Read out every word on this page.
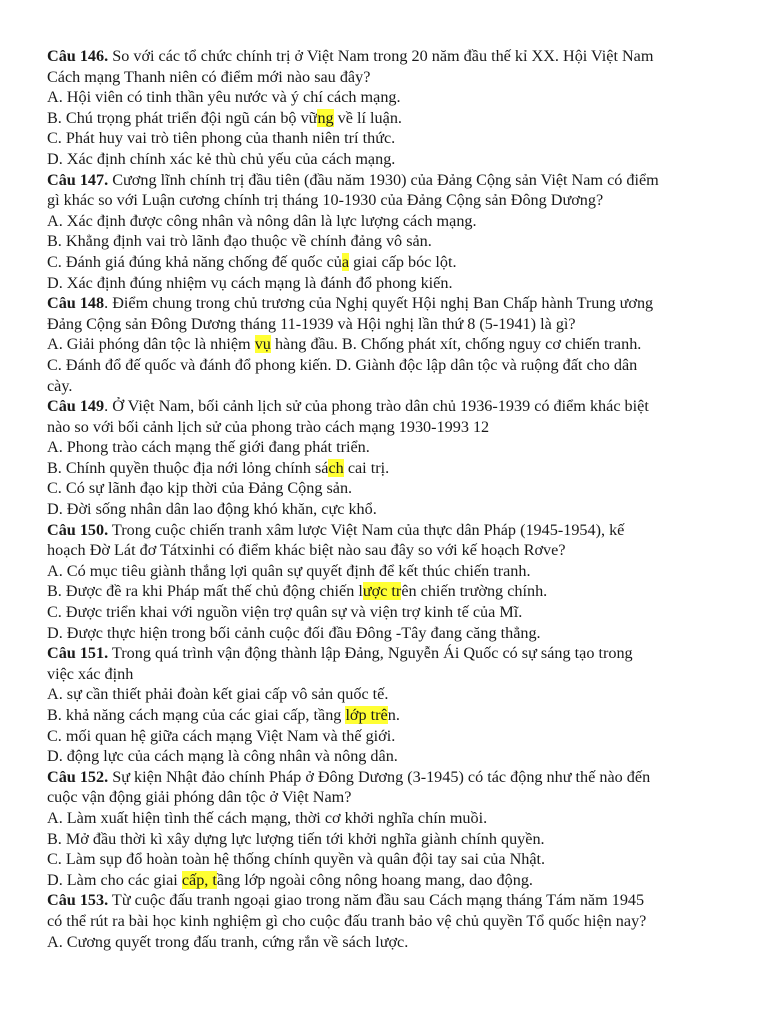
Câu 146. So với các tổ chức chính trị ở Việt Nam trong 20 năm đầu thế kỉ XX. Hội Việt Nam
Cách mạng Thanh niên có điểm mới nào sau đây?
A. Hội viên có tinh thần yêu nước và ý chí cách mạng.
B. Chú trọng phát triển đội ngũ cán bộ vững về lí luận.
C. Phát huy vai trò tiên phong của thanh niên trí thức.
D. Xác định chính xác kẻ thù chủ yếu của cách mạng.
Câu 147. Cương lĩnh chính trị đầu tiên (đầu năm 1930) của Đảng Cộng sản Việt Nam có điểm
gì khác so với Luận cương chính trị tháng 10-1930 của Đảng Cộng sản Đông Dương?
A. Xác định được công nhân và nông dân là lực lượng cách mạng.
B. Khẳng định vai trò lãnh đạo thuộc về chính đảng vô sản.
C. Đánh giá đúng khả năng chống đế quốc của giai cấp bóc lột.
D. Xác định đúng nhiệm vụ cách mạng là đánh đổ phong kiến.
Câu 148. Điểm chung trong chủ trương của Nghị quyết Hội nghị Ban Chấp hành Trung ương
Đảng Cộng sản Đông Dương tháng 11-1939 và Hội nghị lần thứ 8 (5-1941) là gì?
A. Giải phóng dân tộc là nhiệm vụ hàng đầu. B. Chống phát xít, chống nguy cơ chiến tranh.
C. Đánh đổ đế quốc và đánh đổ phong kiến. D. Giành độc lập dân tộc và ruộng đất cho dân
cày.
Câu 149. Ở Việt Nam, bối cảnh lịch sử của phong trào dân chủ 1936-1939 có điểm khác biệt
nào so với bối cảnh lịch sử của phong trào cách mạng 1930-1993 12
A. Phong trào cách mạng thế giới đang phát triển.
B. Chính quyền thuộc địa nới lỏng chính sách cai trị.
C. Có sự lãnh đạo kịp thời của Đảng Cộng sản.
D. Đời sống nhân dân lao động khó khăn, cực khổ.
Câu 150. Trong cuộc chiến tranh xâm lược Việt Nam của thực dân Pháp (1945-1954), kế
hoạch Đờ Lát đơ Tátxinhi có điểm khác biệt nào sau đây so với kế hoạch Rơve?
A. Có mục tiêu giành thắng lợi quân sự quyết định để kết thúc chiến tranh.
B. Được đề ra khi Pháp mất thế chủ động chiến lược trên chiến trường chính.
C. Được triển khai với nguồn viện trợ quân sự và viện trợ kinh tế của Mĩ.
D. Được thực hiện trong bối cảnh cuộc đối đầu Đông -Tây đang căng thẳng.
Câu 151. Trong quá trình vận động thành lập Đảng, Nguyễn Ái Quốc có sự sáng tạo trong
việc xác định
A. sự cần thiết phải đoàn kết giai cấp vô sản quốc tế.
B. khả năng cách mạng của các giai cấp, tầng lớp trên.
C. mối quan hệ giữa cách mạng Việt Nam và thế giới.
D. động lực của cách mạng là công nhân và nông dân.
Câu 152. Sự kiện Nhật đảo chính Pháp ở Đông Dương (3-1945) có tác động như thế nào đến
cuộc vận động giải phóng dân tộc ở Việt Nam?
A. Làm xuất hiện tình thế cách mạng, thời cơ khởi nghĩa chín muồi.
B. Mở đầu thời kì xây dựng lực lượng tiến tới khởi nghĩa giành chính quyền.
C. Làm sụp đổ hoàn toàn hệ thống chính quyền và quân đội tay sai của Nhật.
D. Làm cho các giai cấp, tầng lớp ngoài công nông hoang mang, dao động.
Câu 153. Từ cuộc đấu tranh ngoại giao trong năm đầu sau Cách mạng tháng Tám năm 1945
có thể rút ra bài học kinh nghiệm gì cho cuộc đấu tranh bảo vệ chủ quyền Tổ quốc hiện nay?
A. Cương quyết trong đấu tranh, cứng rắn về sách lược.
